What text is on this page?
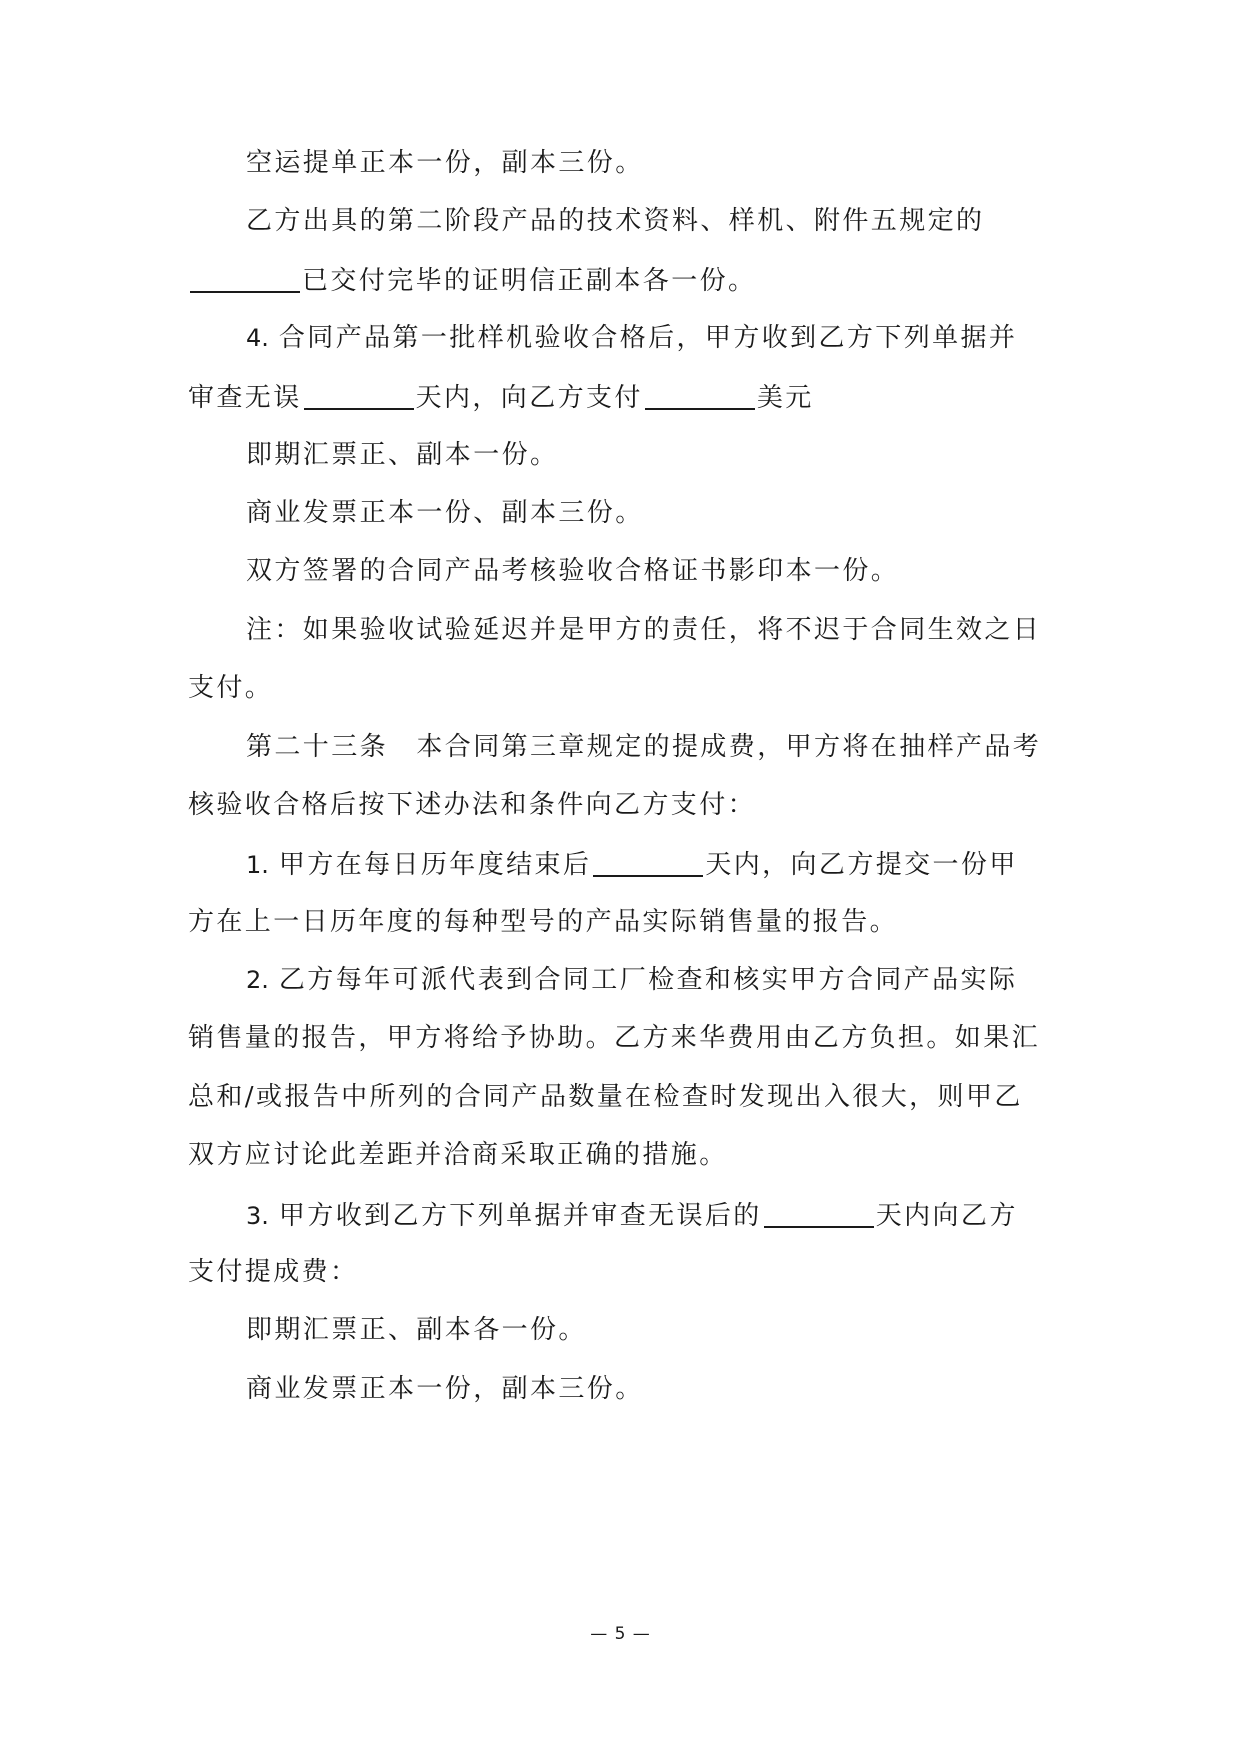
空运提单正本一份，副本三份。
乙方出具的第二阶段产品的技术资料、样机、附件五规定的
已交付完毕的证明信正副本各一份。
4. 合同产品第一批样机验收合格后，甲方收到乙方下列单据并
审查无误	天内，向乙方支付	美元
即期汇票正、副本一份。
商业发票正本一份、副本三份。
双方签署的合同产品考核验收合格证书影印本一份。
注：如果验收试验延迟并是甲方的责任，将不迟于合同生效之日
支付。
第二十三条　本合同第三章规定的提成费，甲方将在抽样产品考
核验收合格后按下述办法和条件向乙方支付：
1. 甲方在每日历年度结束后	天内，向乙方提交一份甲
方在上一日历年度的每种型号的产品实际销售量的报告。
2. 乙方每年可派代表到合同工厂检查和核实甲方合同产品实际
销售量的报告，甲方将给予协助。乙方来华费用由乙方负担。如果汇
总和/或报告中所列的合同产品数量在检查时发现出入很大，则甲乙
双方应讨论此差距并洽商采取正确的措施。
3. 甲方收到乙方下列单据并审查无误后的	天内向乙方
支付提成费：
即期汇票正、副本各一份。
商业发票正本一份，副本三份。
— 5 —
